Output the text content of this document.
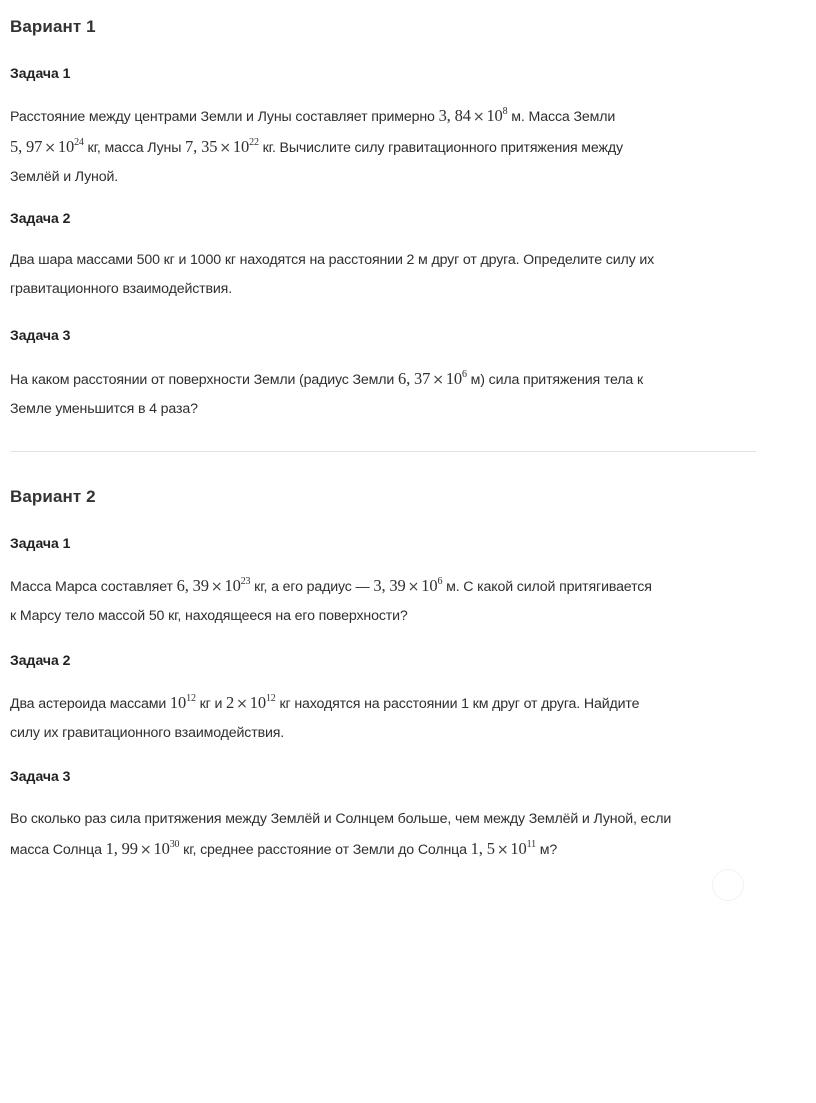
Вариант 1
Задача 1

Расстояние между центрами Земли и Луны составляет примерно 3, $84 \times 10^8$ м. Масса Земли
5, $97 \times 10^{24}$ кг, масса Луны 7, $35 \times 10^{22}$ кг. Вычислите силу гравитационного притяжения между
Землёй и Луной.

Задача 2

Два шара массами 500 кг и 1000 кг находятся на расстоянии 2 м друг от друга. Определите силу их
гравитационного взаимодействия.

Задача 3

На каком расстоянии от поверхности Земли (радиус Земли 6, $37 \times 10^6$ м) сила притяжения тела к
Земле уменьшится в 4 раза?

Вариант 2
Задача 1

Масса Марса составляет 6, $39 \times 10^{23}$ кг, а его радиус — 3, $39 \times 10^6$ м. С какой силой притягивается
к Марсу тело массой 50 кг, находящееся на его поверхности?

Задача 2

Два астероида массами $10^{12}$ кг и $2 \times 10^{12}$ кг находятся на расстоянии 1 км друг от друга. Найдите
силу их гравитационного взаимодействия.

Задача 3

Во сколько раз сила притяжения между Землёй и Солнцем больше, чем между Землёй и Луной, если
масса Солнца 1, $99 \times 10^{30}$ кг, среднее расстояние от Земли до Солнца 1, $5 \times 10^{11}$ м?
